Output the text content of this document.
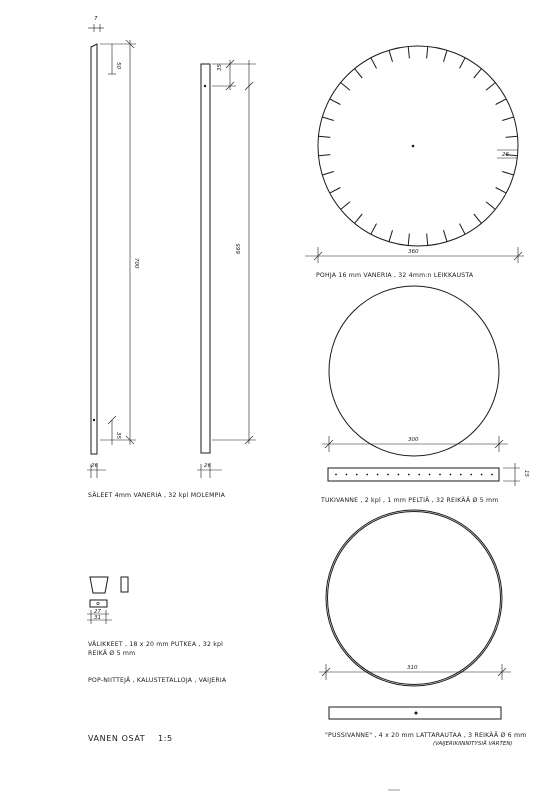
7
50
700
35
26
35
665
26
SÄLEET 4mm VANERIA , 32 kpl MOLEMPIA
26
360
POHJA 16 mm VANERIA , 32 4mm:n LEIKKAUSTA
300
15
TUKIVANNE , 2 kpl , 1 mm PELTIÄ , 32 REIKÄÄ Ø 5 mm
27
31
VÄLIKKEET , 18 x 20 mm PUTKEA , 32 kpl
REIKÄ Ø 5 mm
POP-NIITTEJÄ , KALUSTETALLOJA , VAIJERIA
310
"PUSSIVANNE" , 4 x 20 mm LATTARAUTAA , 3 REIKÄÄ Ø 6 mm
(VAIJERIKIINNITYSIÄ VARTEN)
VANEN OSAT 1:5
